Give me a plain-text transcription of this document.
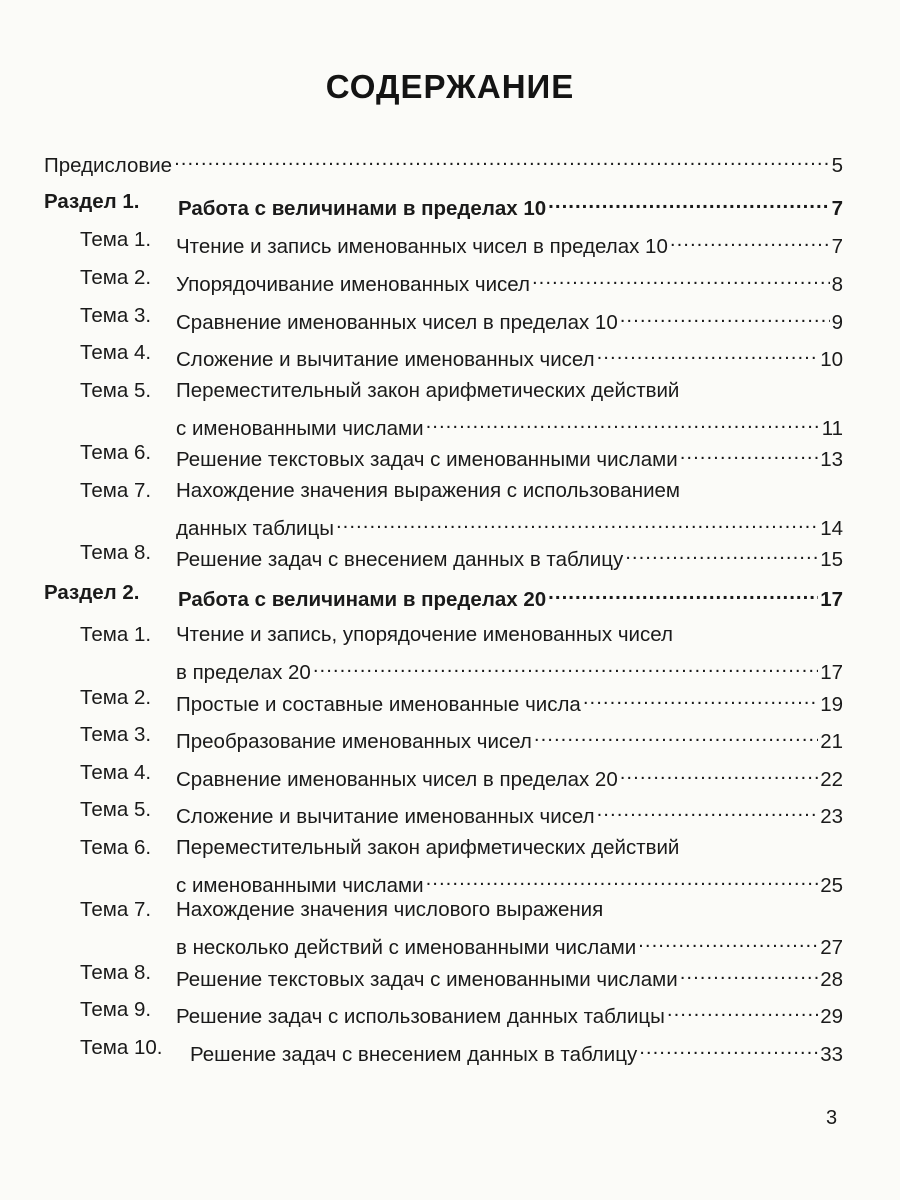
СОДЕРЖАНИЕ
Предисловие .....	5
Раздел 1. Работа с величинами в пределах 10 .....	7
Тема 1. Чтение и запись именованных чисел в пределах 10 .....	7
Тема 2. Упорядочивание именованных чисел .....	8
Тема 3. Сравнение именованных чисел в пределах 10 .....	9
Тема 4. Сложение и вычитание именованных чисел .....	10
Тема 5. Переместительный закон арифметических действий
с именованными числами .....	11
Тема 6. Решение текстовых задач с именованными числами .....	13
Тема 7. Нахождение значения выражения с использованием
данных таблицы .....	14
Тема 8. Решение задач с внесением данных в таблицу .....	15
Раздел 2. Работа с величинами в пределах 20 .....	17
Тема 1. Чтение и запись, упорядочение именованных чисел
в пределах 20 .....	17
Тема 2. Простые и составные именованные числа .....	19
Тема 3. Преобразование именованных чисел .....	21
Тема 4. Сравнение именованных чисел в пределах 20 .....	22
Тема 5. Сложение и вычитание именованных чисел .....	23
Тема 6. Переместительный закон арифметических действий
с именованными числами .....	25
Тема 7. Нахождение значения числового выражения
в несколько действий с именованными числами .....	27
Тема 8. Решение текстовых задач с именованными числами .....	28
Тема 9. Решение задач с использованием данных таблицы .....	29
Тема 10. Решение задач с внесением данных в таблицу .....	33
3
